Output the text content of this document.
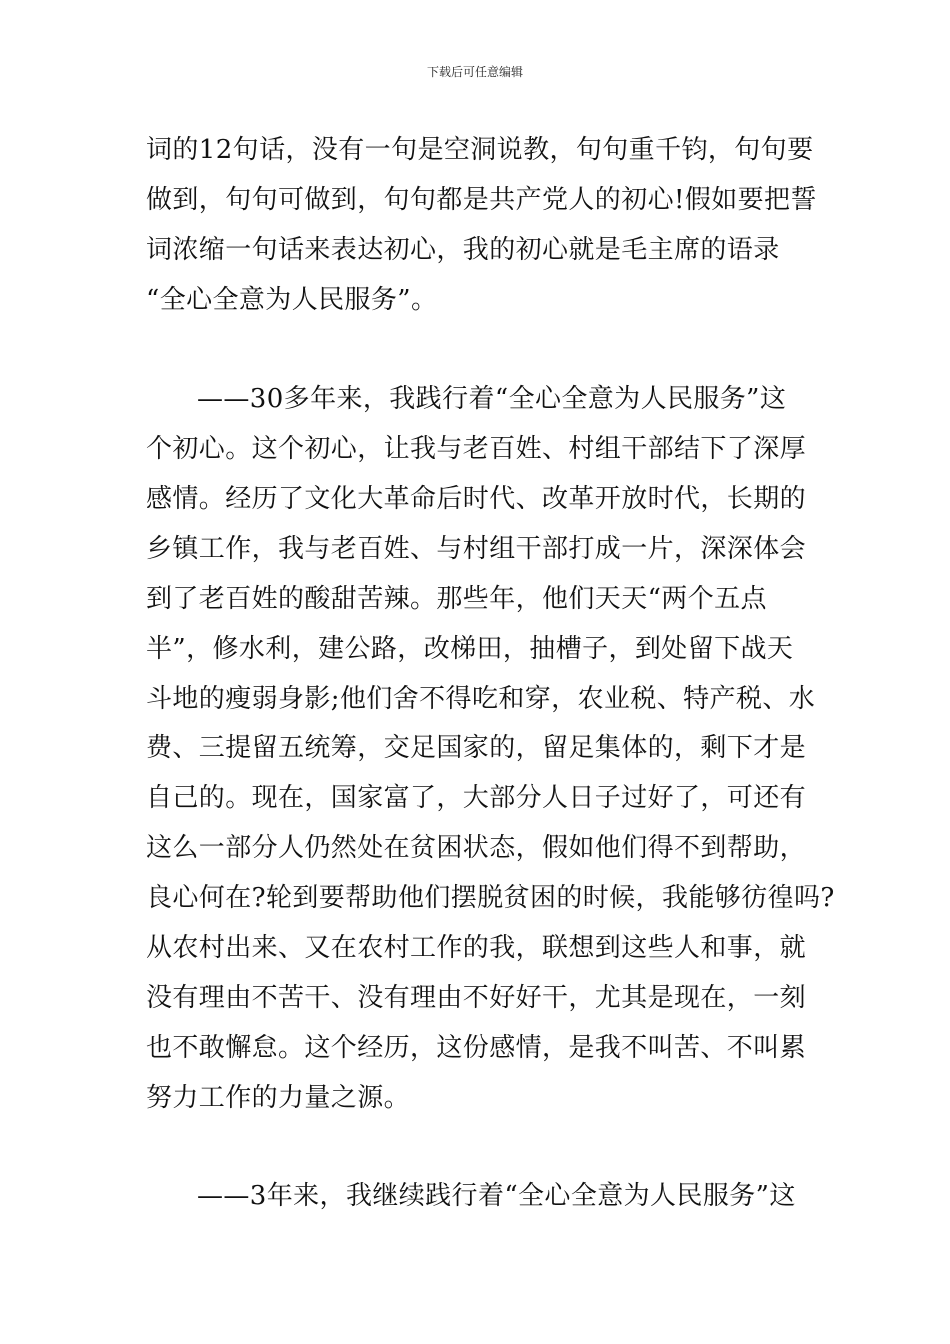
下载后可任意编辑
词的12句话，没有一句是空洞说教，句句重千钧，句句要
做到，句句可做到，句句都是共产党人的初心!假如要把誓
词浓缩一句话来表达初心，我的初心就是毛主席的语录
“全心全意为人民服务”。
——30多年来，我践行着“全心全意为人民服务”这
个初心。这个初心，让我与老百姓、村组干部结下了深厚
感情。经历了文化大革命后时代、改革开放时代，长期的
乡镇工作，我与老百姓、与村组干部打成一片，深深体会
到了老百姓的酸甜苦辣。那些年，他们天天“两个五点
半”，修水利，建公路，改梯田，抽槽子，到处留下战天
斗地的瘦弱身影;他们舍不得吃和穿，农业税、特产税、水
费、三提留五统筹，交足国家的，留足集体的，剩下才是
自己的。现在，国家富了，大部分人日子过好了，可还有
这么一部分人仍然处在贫困状态，假如他们得不到帮助，
良心何在?轮到要帮助他们摆脱贫困的时候，我能够彷徨吗?
从农村出来、又在农村工作的我，联想到这些人和事，就
没有理由不苦干、没有理由不好好干，尤其是现在，一刻
也不敢懈怠。这个经历，这份感情，是我不叫苦、不叫累
努力工作的力量之源。
——3年来，我继续践行着“全心全意为人民服务”这
